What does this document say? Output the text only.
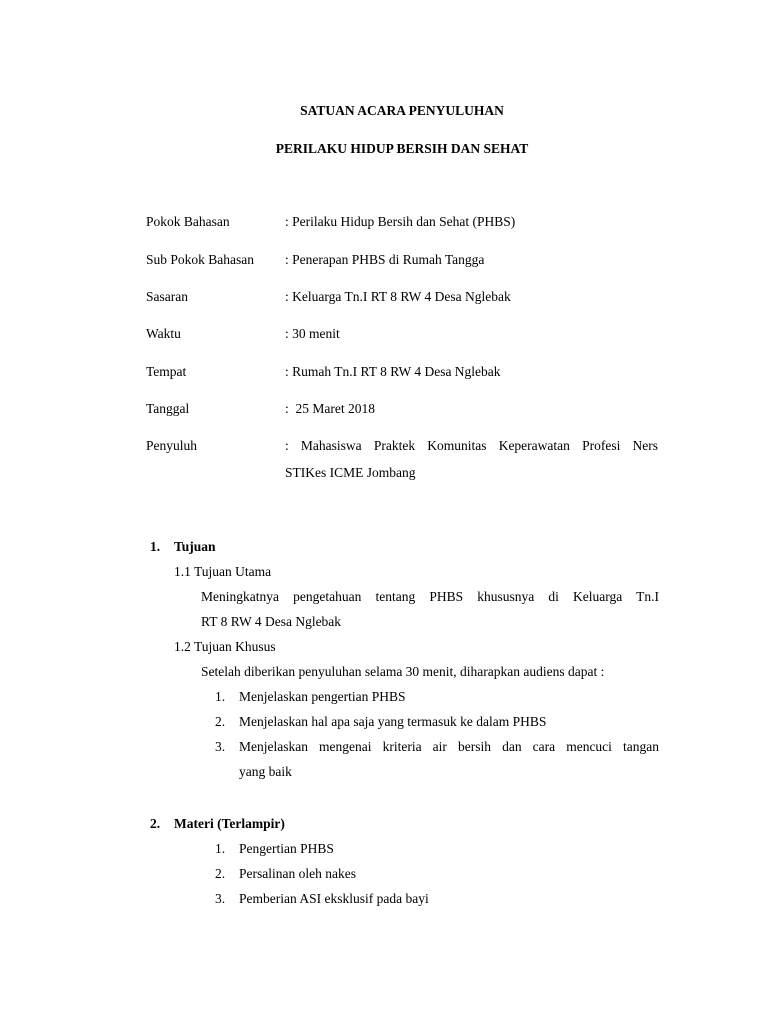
SATUAN ACARA PENYULUHAN
PERILAKU HIDUP BERSIH DAN SEHAT
Pokok Bahasan	: Perilaku Hidup Bersih dan Sehat (PHBS)
Sub Pokok Bahasan : Penerapan PHBS di Rumah Tangga
Sasaran	: Keluarga Tn.I RT 8 RW 4 Desa Nglebak
Waktu	: 30 menit
Tempat	: Rumah Tn.I RT 8 RW 4 Desa Nglebak
Tanggal	:  25 Maret 2018
Penyuluh	: Mahasiswa Praktek Komunitas Keperawatan Profesi Ners
STIKes ICME Jombang
1. Tujuan
1.1 Tujuan Utama
Meningkatnya pengetahuan tentang PHBS khususnya di Keluarga Tn.I
RT 8 RW 4 Desa Nglebak
1.2 Tujuan Khusus
Setelah diberikan penyuluhan selama 30 menit, diharapkan audiens dapat :
1. Menjelaskan pengertian PHBS
2. Menjelaskan hal apa saja yang termasuk ke dalam PHBS
3. Menjelaskan mengenai kriteria air bersih dan cara mencuci tangan
yang baik
2. Materi (Terlampir)
1. Pengertian PHBS
2. Persalinan oleh nakes
3. Pemberian ASI eksklusif pada bayi
